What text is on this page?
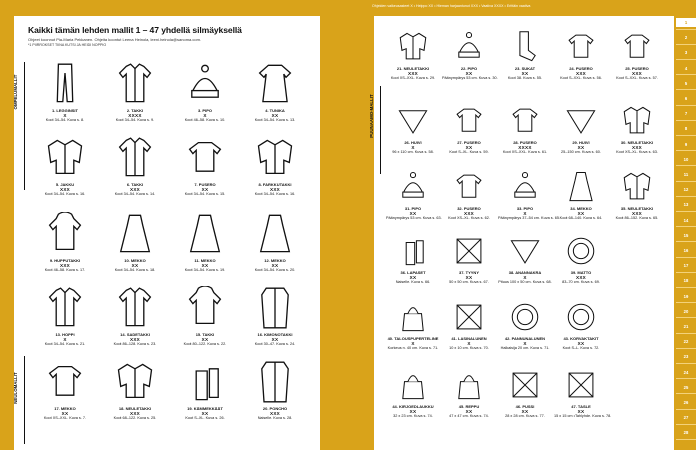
Kaikki tämän lehden mallit 1 – 47 yhdellä silmäyksellä
Ohjeet koonnut Pia-Maria Pekkanen. Ohjeita koontut Leena Heinola, leeni.heinola@sanoma.com.
*1 PIIRROKSET TIINA KUTSI JA HEIDI NOPPIO
OMPELUMALLIT
NEULOMALLIT
1. LEGGINSIT
X
Koot 34–54. Kuva s. 8.
2. TAKKI
XXXX
Koot 34–54. Kuva s. 9.
3. PIPO
X
Koot 46–58. Kuva s. 10.
4. TUNIKA
XX
Koot 34–54. Kuva s. 13.
5. JAKKU
XXX
Koot 34–54. Kuva s. 16.
6. TAKKI
XXX
Koot 34–54. Kuva s. 14.
7. PUSERO
XX
Koot 34–54. Kuva s. 15.
8. FARKKUTAKKI
XXX
Koot 34–54. Kuva s. 16.
9. HUPPUTAKKI
XXX
Koot 46–58. Kuva s. 17.
10. MEKKO
XX
Koot 34–54. Kuva s. 18.
11. MEKKO
XX
Koot 34–54. Kuva s. 19.
12. MEKKO
XX
Koot 34–54. Kuva s. 20.
13. HOPPI
X
Koot 34–54. Kuva s. 21.
14. SADETAKKI
XXX
Koot 86–128. Kuva s. 23.
15. TAKKI
XX
Koot 80–122. Kuva s. 22.
16. KIMONOTAKKI
XX
Koot 30–47. Kuva s. 24.
17. MEKKO
XX
Koot XS–XXL. Kuva s. 7.
18. NEULETAKKI
XXX
Koot 68–122. Kuva s. 25.
19. KÄMMEKKÄÄT
XX
Koot S–XL. Kuva s. 26.
20. PONCHO
XXX
Naiselle. Kuva s. 28.
Ohjeiden vaikeusasteet X • Helppo XX • Hieman harjaantunut XXX • Vaativa XXXX • Erittäin vaativa
PUUNAAMO-MALLIT
21. NEULETAKKI
XXX
Koot XS–XXL. Kuva s. 29.
22. PIPO
XX
Päänympärys 53 cm. Kuva s. 30.
23. SUKAT
XX
Koot 38. Kuva s. 55.
24. PUSERO
XXX
Koot S–XXL. Kuva s. 56.
25. PUSERO
XXX
Koot S–XXL. Kuva s. 57.
26. HUIVI
X
96 x 110 cm. Kuva s. 58.
27. PUSERO
XX
Koot S–XL. Kuva s. 59.
28. PUSERO
XXXX
Koot XS–XXL. Kuva s. 61.
29. HUIVI
XX
25–150 cm. Kuva s. 60.
30. NEULETAKKI
XXX
Koot XS–XL. Kuva s. 63.
31. PIPO
XX
Päänympärys 53 cm. Kuva s. 63.
32. PUSERO
XXX
Koot XS–XL. Kuva s. 62.
33. PIPO
X
Päänympärys 37–54 cm. Kuva s. 65.
34. MEKKO
XX
Koot 68–140. Kuva s. 64.
35. NEULETAKKI
XXX
Koot 86–152. Kuva s. 65.
36. LAPASET
XX
Naiselle. Kuva s. 66.
37. TYYNY
XX
50 x 50 cm. Kuva s. 67.
38. ANANNAKRA
X
Pituus 100 x 50 cm. Kuva s. 68.
39. MATTO
XXX
83–70 cm. Kuva s. 69.
40. TALOUSPUPERTELINE
X
Korkeus n. 40 cm. Kuva s. 71.
41. LASINALUNEN
X
10 x 10 cm. Kuva s. 70.
42. PANNUNALUNEN
X
Halkaisija 20 cm. Kuva s. 71.
43. KORVAKTAKIT
XX
Koot S–L. Kuva s. 72.
44. KIRJOEDLAUKKU
XX
32 x 23 cm. Kuva s. 74.
45. REPPU
XX
47 x 47 cm. Kuva s. 74.
46. PUSSI
XX
28 x 28 cm. Kuva s. 77.
47. TASLE
XX
15 x 15 cm •Tahlyhde. Kuva s. 78.
1
2
3
4
5
6
7
8
9
10
11
12
13
14
15
16
17
18
19
20
21
22
23
24
25
26
27
28
